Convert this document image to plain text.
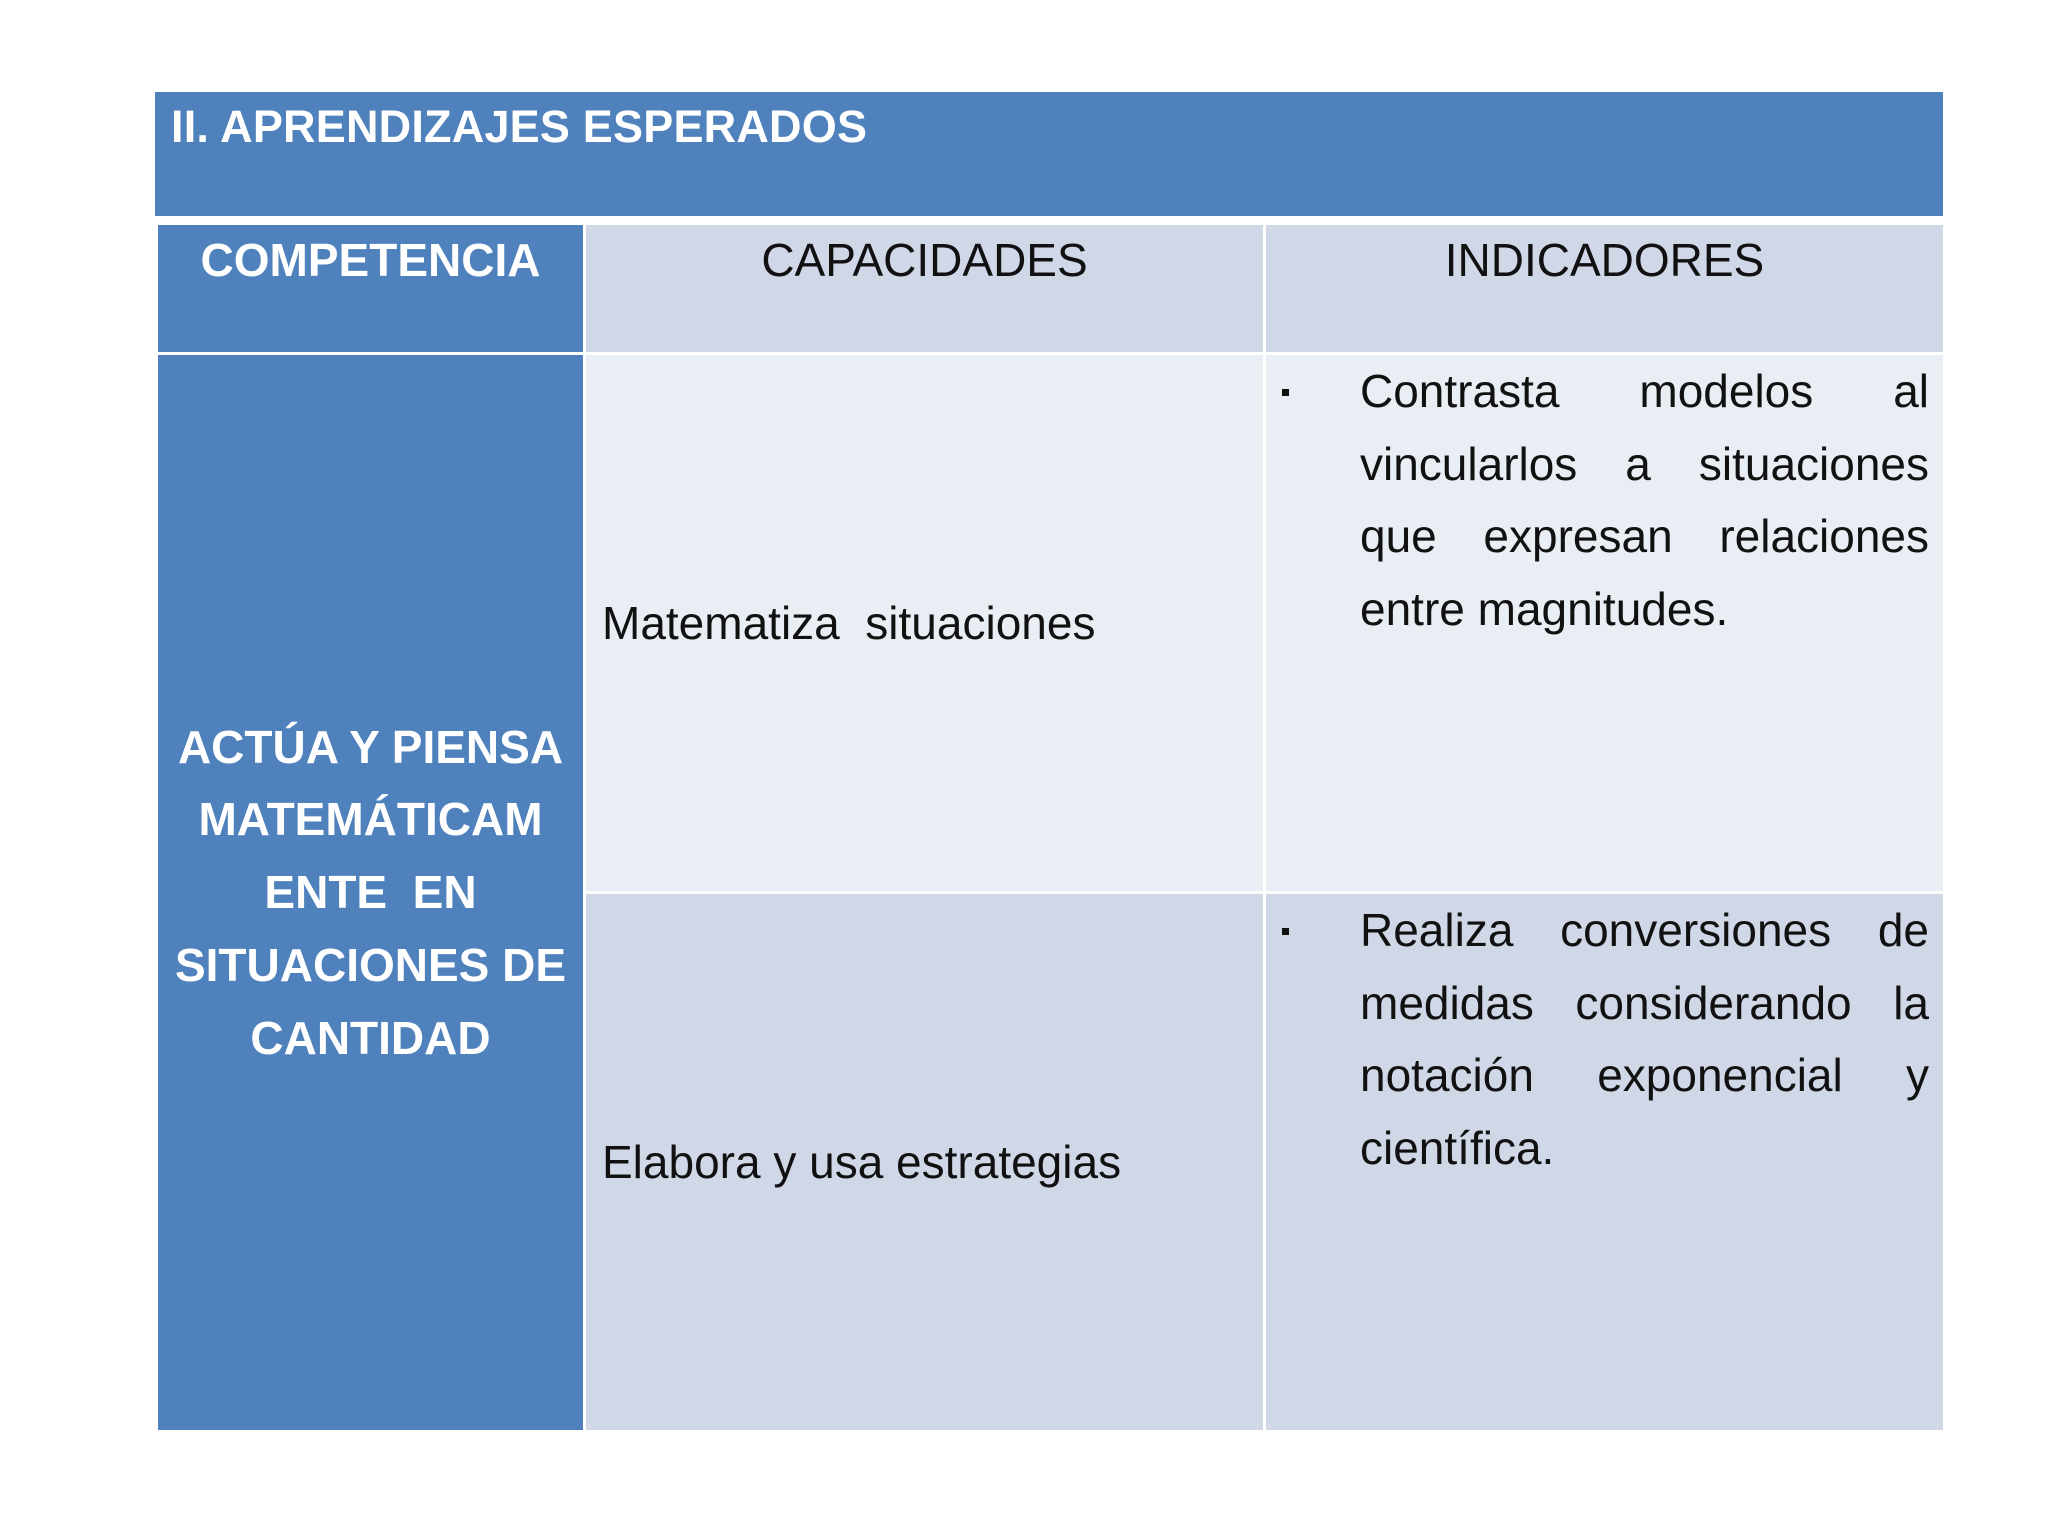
II. APRENDIZAJES ESPERADOS
COMPETENCIA	CAPACIDADES	INDICADORES

ACTÚA Y PIENSA
MATEMÁTICAM
ENTE  EN
SITUACIONES DE
CANTIDAD	Matematiza  situaciones	Contrasta modelos al vincularlos a situaciones que expresan relaciones entre magnitudes.

	Elabora y usa estrategias	Realiza conversiones de medidas considerando la notación exponencial y científica.
